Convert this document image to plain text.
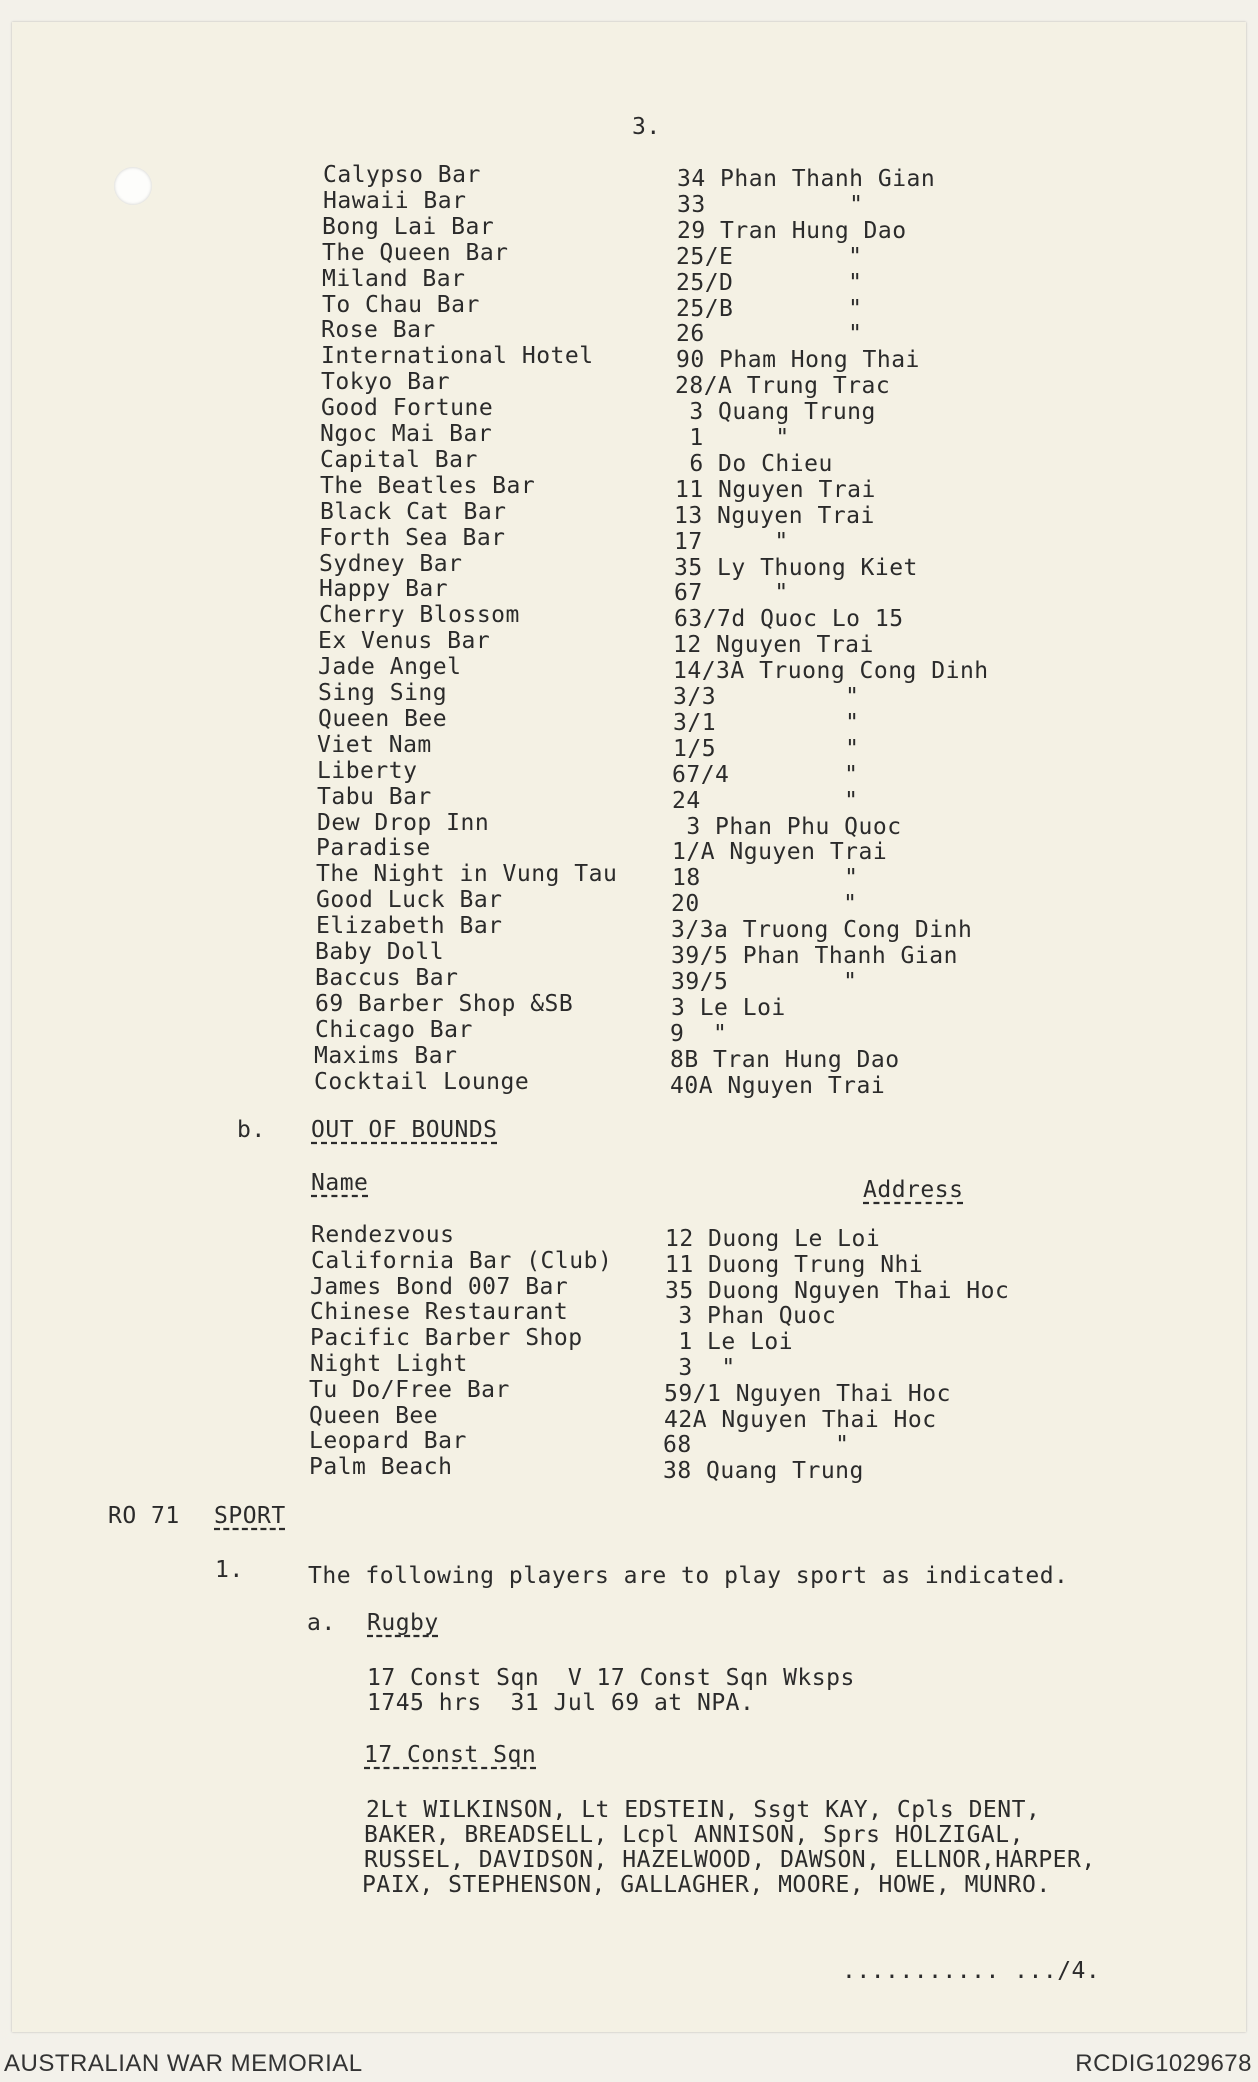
3.
Calypso Bar	34 Phan Thanh Gian
Hawaii Bar	33          "
Bong Lai Bar	29 Tran Hung Dao
The Queen Bar	25/E        "
Miland Bar	25/D        "
To Chau Bar	25/B        "
Rose Bar	26          "
International Hotel	90 Pham Hong Thai
Tokyo Bar	28/A Trung Trac
Good Fortune	3 Quang Trung
Ngoc Mai Bar	1     "
Capital Bar	6 Do Chieu
The Beatles Bar	11 Nguyen Trai
Black Cat Bar	13 Nguyen Trai
Forth Sea Bar	17     "
Sydney Bar	35 Ly Thuong Kiet
Happy Bar	67     "
Cherry Blossom	63/7d Quoc Lo 15
Ex Venus Bar	12 Nguyen Trai
Jade Angel	14/3A Truong Cong Dinh
Sing Sing	3/3         "
Queen Bee	3/1         "
Viet Nam	1/5         "
Liberty	67/4        "
Tabu Bar	24          "
Dew Drop Inn	3 Phan Phu Quoc
Paradise	1/A Nguyen Trai
The Night in Vung Tau 18          "
Good Luck Bar	20          "
Elizabeth Bar	3/3a Truong Cong Dinh
Baby Doll	39/5 Phan Thanh Gian
Baccus Bar	39/5        "
69 Barber Shop &SB	3 Le Loi
Chicago Bar	9  "
Maxims Bar	8B Tran Hung Dao
Cocktail Lounge	40A Nguyen Trai
b. OUT OF BOUNDS
Name	Address
Rendezvous	12 Duong Le Loi
California Bar (Club) 11 Duong Trung Nhi
James Bond 007 Bar	35 Duong Nguyen Thai Hoc
Chinese Restaurant	3 Phan Quoc
Pacific Barber Shop	1 Le Loi
Night Light	3  "
Tu Do/Free Bar	59/1 Nguyen Thai Hoc
Queen Bee	42A Nguyen Thai Hoc
Leopard Bar	68          "
Palm Beach	38 Quang Trung
RO 71 SPORT
1.	The following players are to play sport as indicated.
a. Rugby
17 Const Sqn  V 17 Const Sqn Wksps
1745 hrs  31 Jul 69 at NPA.
17 Const Sqn
2Lt WILKINSON, Lt EDSTEIN, Ssgt KAY, Cpls DENT,
BAKER, BREADSELL, Lcpl ANNISON, Sprs HOLZIGAL,
RUSSEL, DAVIDSON, HAZELWOOD, DAWSON, ELLNOR,HARPER,
PAIX, STEPHENSON, GALLAGHER, MOORE, HOWE, MUNRO.
........... .../4.
AUSTRALIAN WAR MEMORIAL	RCDIG1029678
